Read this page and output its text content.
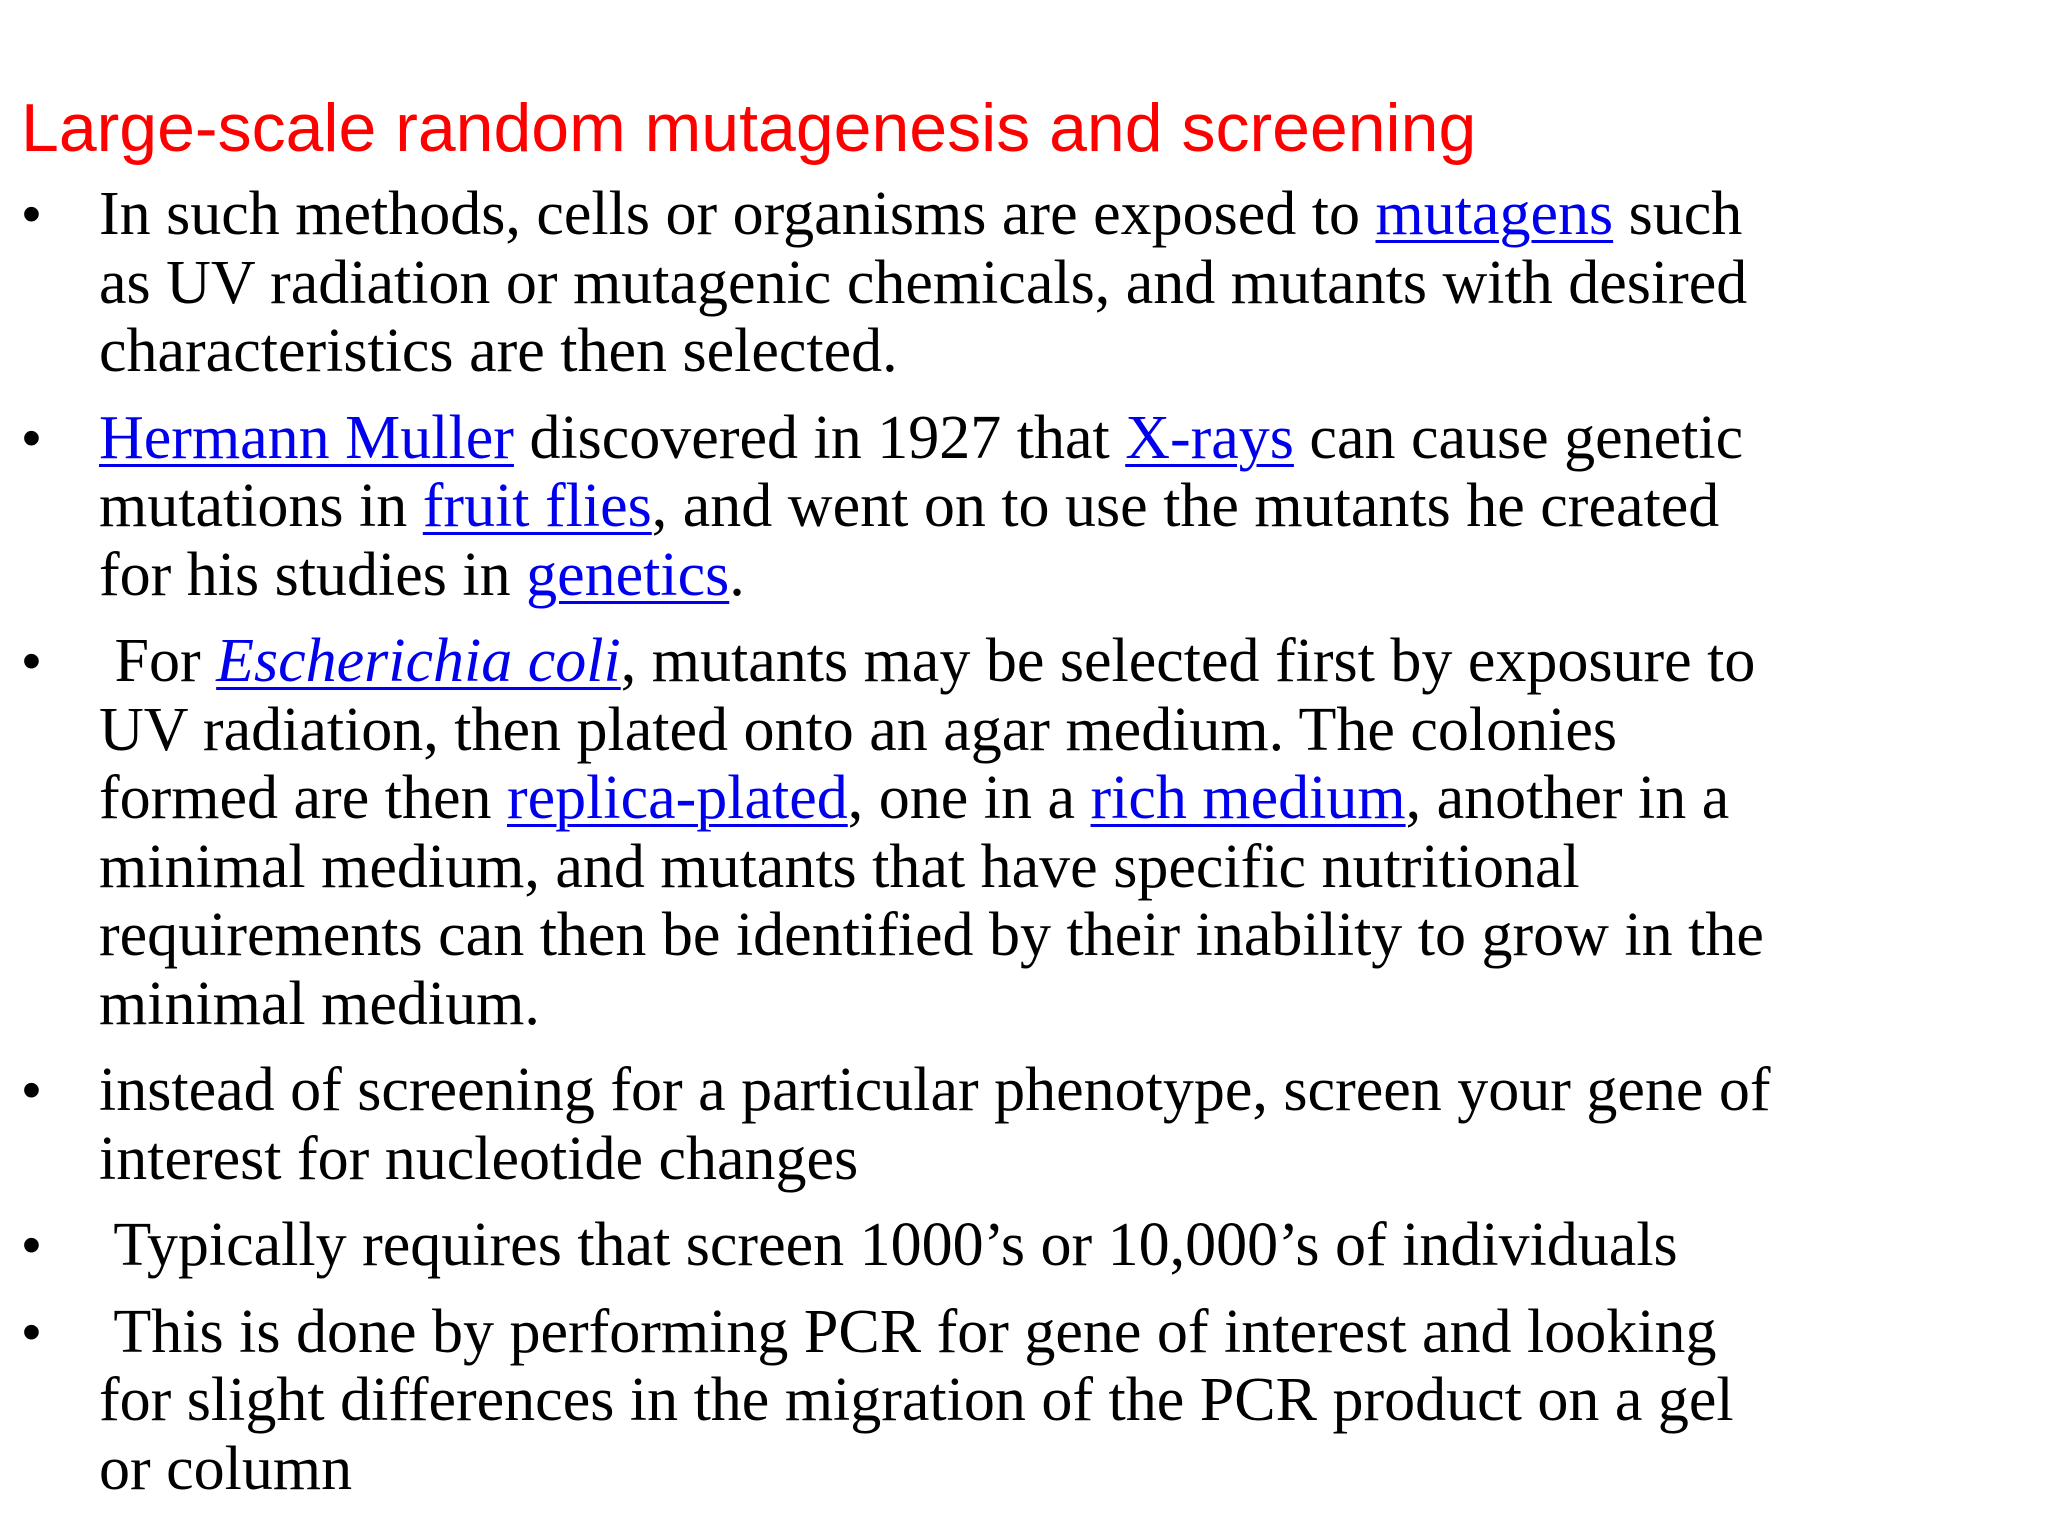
Large-scale random mutagenesis and screening
• In such methods, cells or organisms are exposed to mutagens such
as UV radiation or mutagenic chemicals, and mutants with desired
characteristics are then selected.
• Hermann Muller discovered in 1927 that X-rays can cause genetic
mutations in fruit flies, and went on to use the mutants he created
for his studies in genetics.
• For Escherichia coli, mutants may be selected first by exposure to
UV radiation, then plated onto an agar medium. The colonies
formed are then replica-plated, one in a rich medium, another in a
minimal medium, and mutants that have specific nutritional
requirements can then be identified by their inability to grow in the
minimal medium.
• instead of screening for a particular phenotype, screen your gene of
interest for nucleotide changes
• Typically requires that screen 1000’s or 10,000’s of individuals
• This is done by performing PCR for gene of interest and looking
for slight differences in the migration of the PCR product on a gel
or column
